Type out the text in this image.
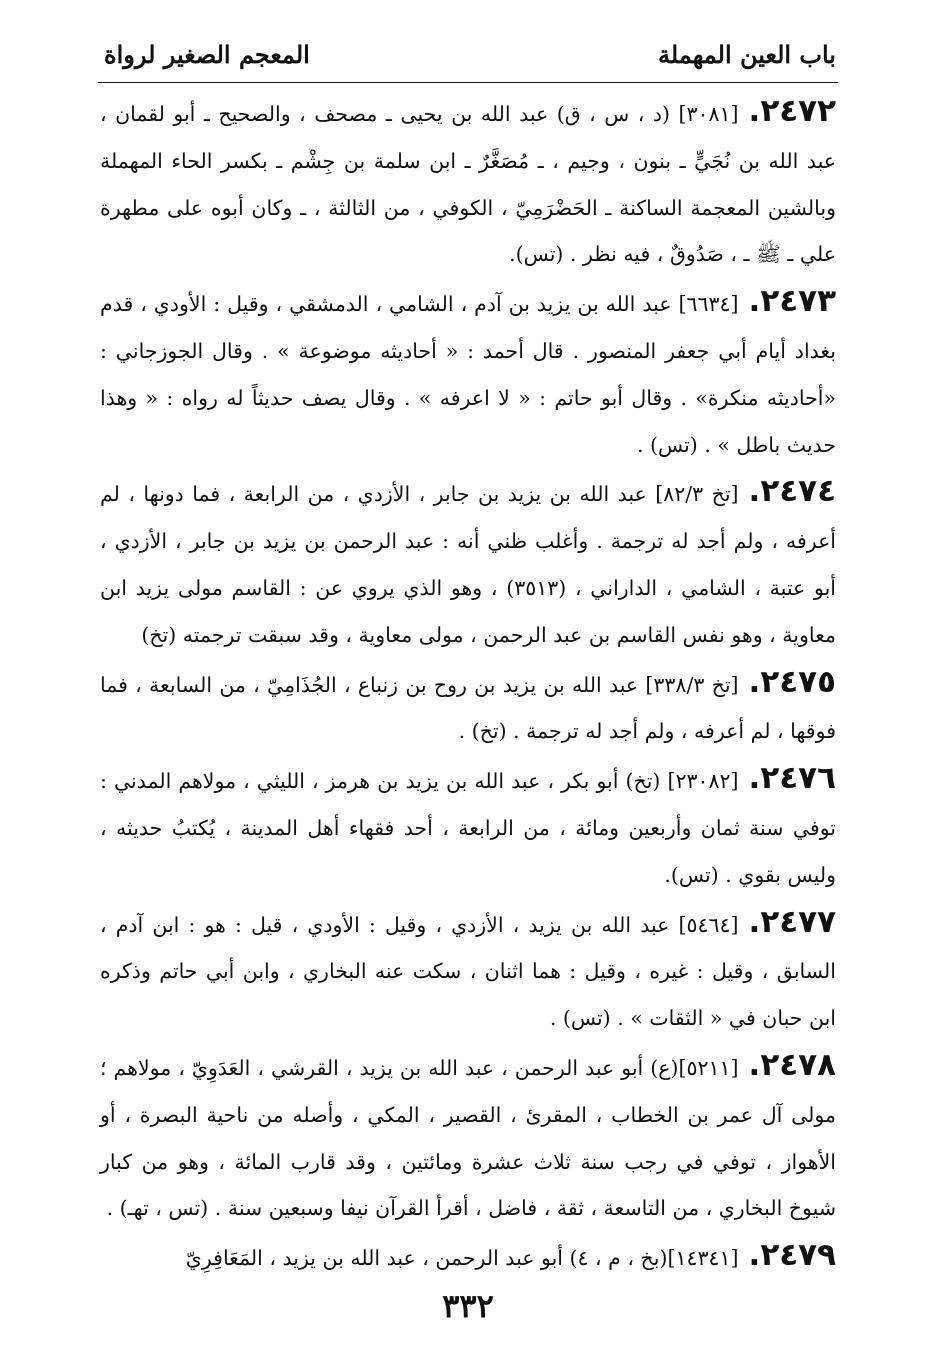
باب العين المهملة
المعجم الصغير لرواة

٢٤٧٢.[٣٠٨١] (د ، س ، ق) عبد الله بن يحيى ـ مصحف ، والصحيح ـ أبو لقمان ، عبد الله بن نُجَيٍّ ـ بنون ، وجيم ، ـ مُصَغَّرٌ ـ ابن سلمة بن جِشْم ـ بكسر الحاء المهملة وبالشين المعجمة الساكنة ـ الحَضْرَمِيّ ، الكوفي ، من الثالثة ، ـ وكان أبوه على مطهرة علي ـ ﷺ ـ ، صَدُوقٌ ، فيه نظر . (تس).

٢٤٧٣.[٦٦٣٤] عبد الله بن يزيد بن آدم ، الشامي ، الدمشقي ، وقيل : الأودي ، قدم بغداد أيام أبي جعفر المنصور . قال أحمد : « أحاديثه موضوعة » . وقال الجوزجاني : «أحاديثه منكرة» . وقال أبو حاتم : « لا اعرفه » . وقال يصف حديثاً له رواه : « وهذا حديث باطل » . (تس) .

٢٤٧٤.[تخ ٨٢/٣] عبد الله بن يزيد بن جابر ، الأزدي ، من الرابعة ، فما دونها ، لم أعرفه ، ولم أجد له ترجمة . وأغلب ظني أنه : عبد الرحمن بن يزيد بن جابر ، الأزدي ، أبو عتبة ، الشامي ، الداراني ، (٣٥١٣) ، وهو الذي يروي عن : القاسم مولى يزيد ابن معاوية ، وهو نفس القاسم بن عبد الرحمن ، مولى معاوية ، وقد سبقت ترجمته (تخ)

٢٤٧٥.[تخ ٣٣٨/٣] عبد الله بن يزيد بن روح بن زنباع ، الجُذَامِيّ ، من السابعة ، فما فوقها ، لم أعرفه ، ولم أجد له ترجمة . (تخ) .

٢٤٧٦.[٢٣٠٨٢] (تخ) أبو بكر ، عبد الله بن يزيد بن هرمز ، الليثي ، مولاهم المدني : توفي سنة ثمان وأربعين ومائة ، من الرابعة ، أحد فقهاء أهل المدينة ، يُكتبُ حديثه ، وليس بقوي . (تس).

٢٤٧٧.[٥٤٦٤] عبد الله بن يزيد ، الأزدي ، وقيل : الأودي ، قيل : هو : ابن آدم ، السابق ، وقيل : غيره ، وقيل : هما اثنان ، سكت عنه البخاري ، وابن أبي حاتم وذكره ابن حبان في « الثقات » . (تس) .

٢٤٧٨.[٥٢١١](ع) أبو عبد الرحمن ، عبد الله بن يزيد ، القرشي ، العَدَوِيّ ، مولاهم ؛ مولى آل عمر بن الخطاب ، المقرئ ، القصير ، المكي ، وأصله من ناحية البصرة ، أو الأهواز ، توفي في رجب سنة ثلاث عشرة ومائتين ، وقد قارب المائة ، وهو من كبار شيوخ البخاري ، من التاسعة ، ثقة ، فاضل ، أقرأ القرآن نيفا وسبعين سنة . (تس ، تهـ) .

٢٤٧٩.[١٤٣٤١](بخ ، م ، ٤) أبو عبد الرحمن ، عبد الله بن يزيد ، المَعَافِرِيّ

٣٣٢
